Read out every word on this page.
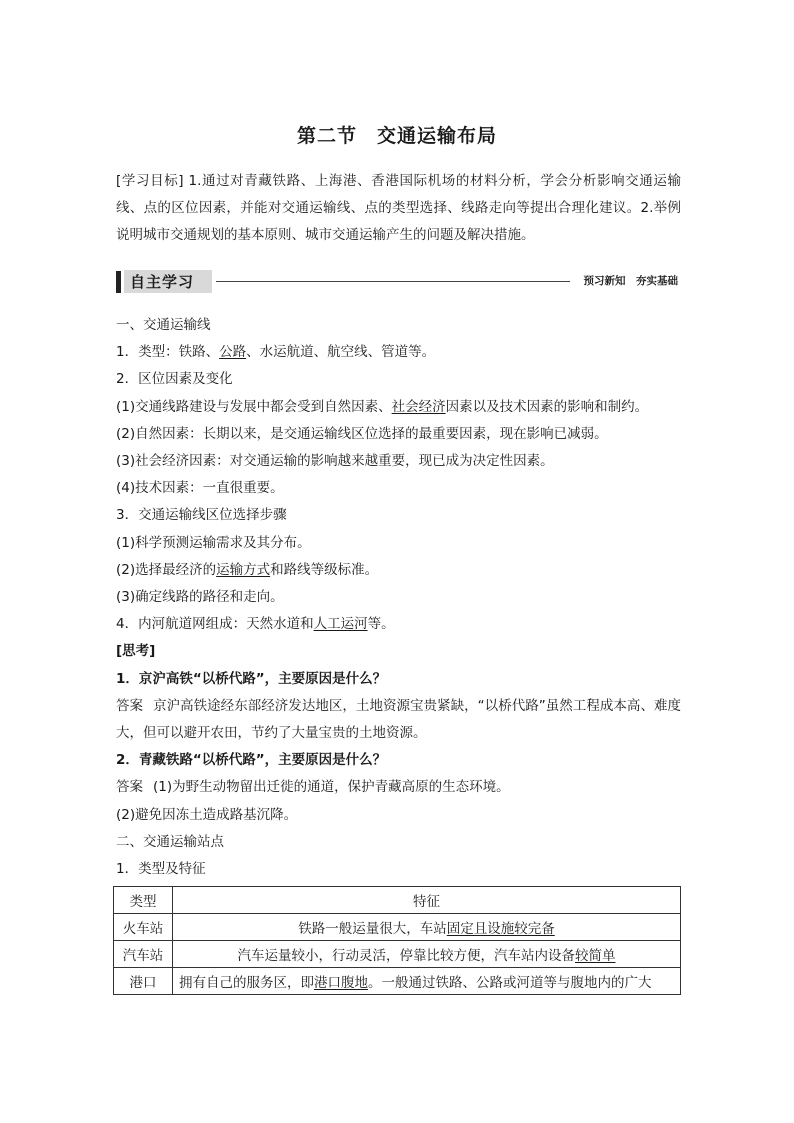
第二节　交通运输布局
[学习目标] 1.通过对青藏铁路、上海港、香港国际机场的材料分析，学会分析影响交通运输线、点的区位因素，并能对交通运输线、点的类型选择、线路走向等提出合理化建议。2.举例说明城市交通规划的基本原则、城市交通运输产生的问题及解决措施。
自主学习	预习新知　夯实基础

一、交通运输线

1．类型：铁路、公路、水运航道、航空线、管道等。

2．区位因素及变化

(1)交通线路建设与发展中都会受到自然因素、社会经济因素以及技术因素的影响和制约。

(2)自然因素：长期以来，是交通运输线区位选择的最重要因素，现在影响已减弱。

(3)社会经济因素：对交通运输的影响越来越重要，现已成为决定性因素。

(4)技术因素：一直很重要。

3．交通运输线区位选择步骤

(1)科学预测运输需求及其分布。

(2)选择最经济的运输方式和路线等级标准。

(3)确定线路的路径和走向。

4．内河航道网组成：天然水道和人工运河等。

[思考]

1．京沪高铁“以桥代路”，主要原因是什么？

答案 京沪高铁途经东部经济发达地区，土地资源宝贵紧缺，“以桥代路”虽然工程成本高、难度大，但可以避开农田，节约了大量宝贵的土地资源。

2．青藏铁路“以桥代路”，主要原因是什么？

答案 (1)为野生动物留出迁徙的通道，保护青藏高原的生态环境。

(2)避免因冻土造成路基沉降。

二、交通运输站点

1．类型及特征

类型	特征
火车站	铁路一般运量很大，车站固定且设施较完备
汽车站	汽车运量较小，行动灵活，停靠比较方便，汽车站内设备较简单
港口	拥有自己的服务区，即港口腹地。一般通过铁路、公路或河道等与腹地内的广大
